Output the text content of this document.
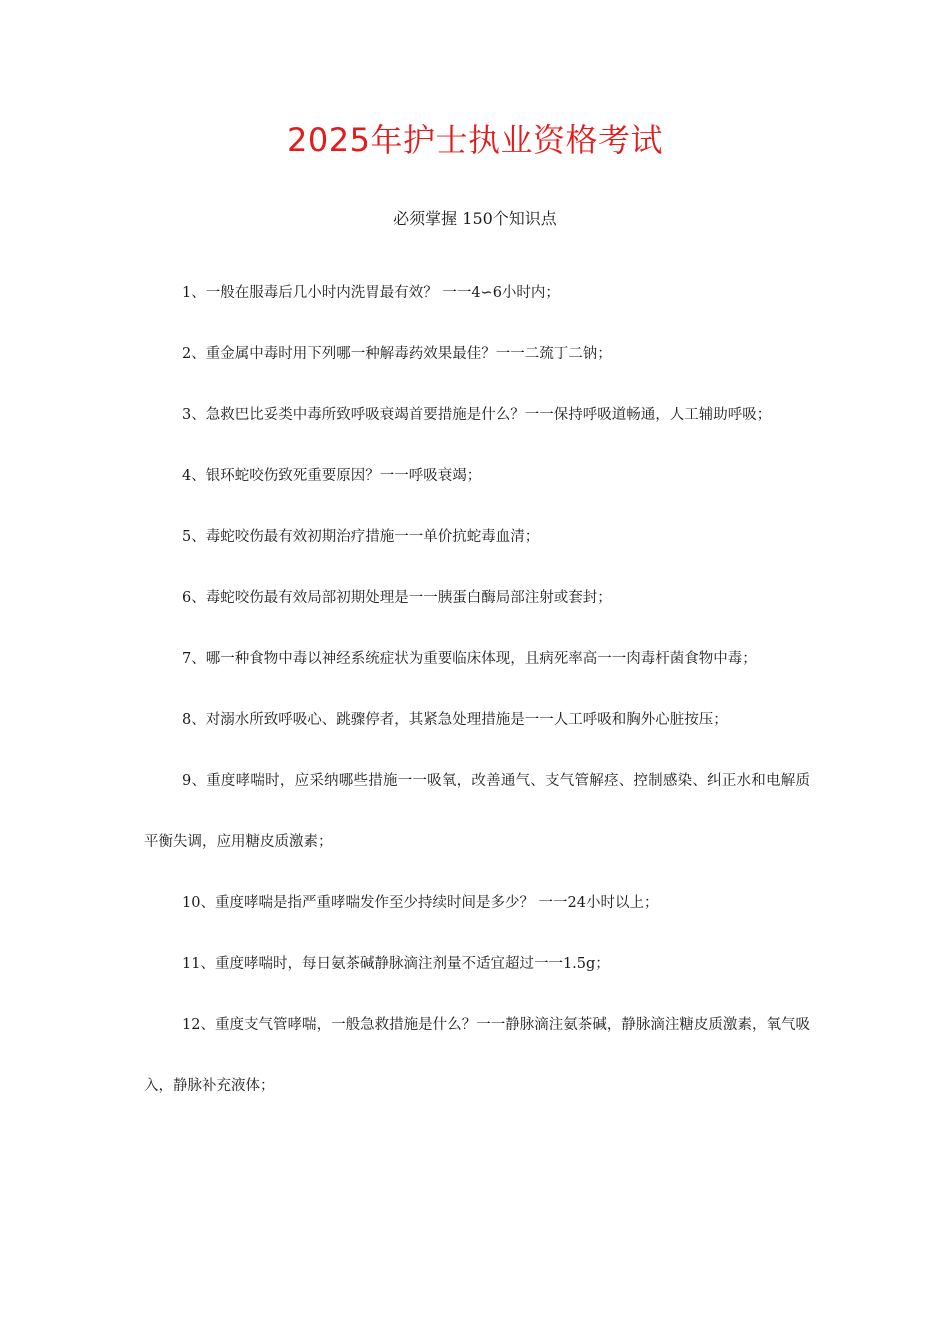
2025年护士执业资格考试

必须掌握 150个知识点

1、一般在服毒后几小时内洗胃最有效？ 一一4∽6小时内；
2、重金属中毒时用下列哪一种解毒药效果最佳？一一二巯丁二钠；
3、急救巴比妥类中毒所致呼吸衰竭首要措施是什么？一一保持呼吸道畅通，人工辅助呼吸；
4、银环蛇咬伤致死重要原因？一一呼吸衰竭；
5、毒蛇咬伤最有效初期治疗措施一一单价抗蛇毒血清；
6、毒蛇咬伤最有效局部初期处理是一一胰蛋白酶局部注射或套封；
7、哪一种食物中毒以神经系统症状为重要临床体现，且病死率高一一肉毒杆菌食物中毒；
8、对溺水所致呼吸心、跳骤停者，其紧急处理措施是一一人工呼吸和胸外心脏按压；
9、重度哮喘时，应采纳哪些措施一一吸氧，改善通气、支气管解痉、控制感染、纠正水和电解质平衡失调，应用糖皮质激素；
10、重度哮喘是指严重哮喘发作至少持续时间是多少？ 一一24小时以上；
11、重度哮喘时，每日氨茶碱静脉滴注剂量不适宜超过一一1.5g；
12、重度支气管哮喘，一般急救措施是什么？一一静脉滴注氨茶碱，静脉滴注糖皮质激素，氧气吸入，静脉补充液体；
